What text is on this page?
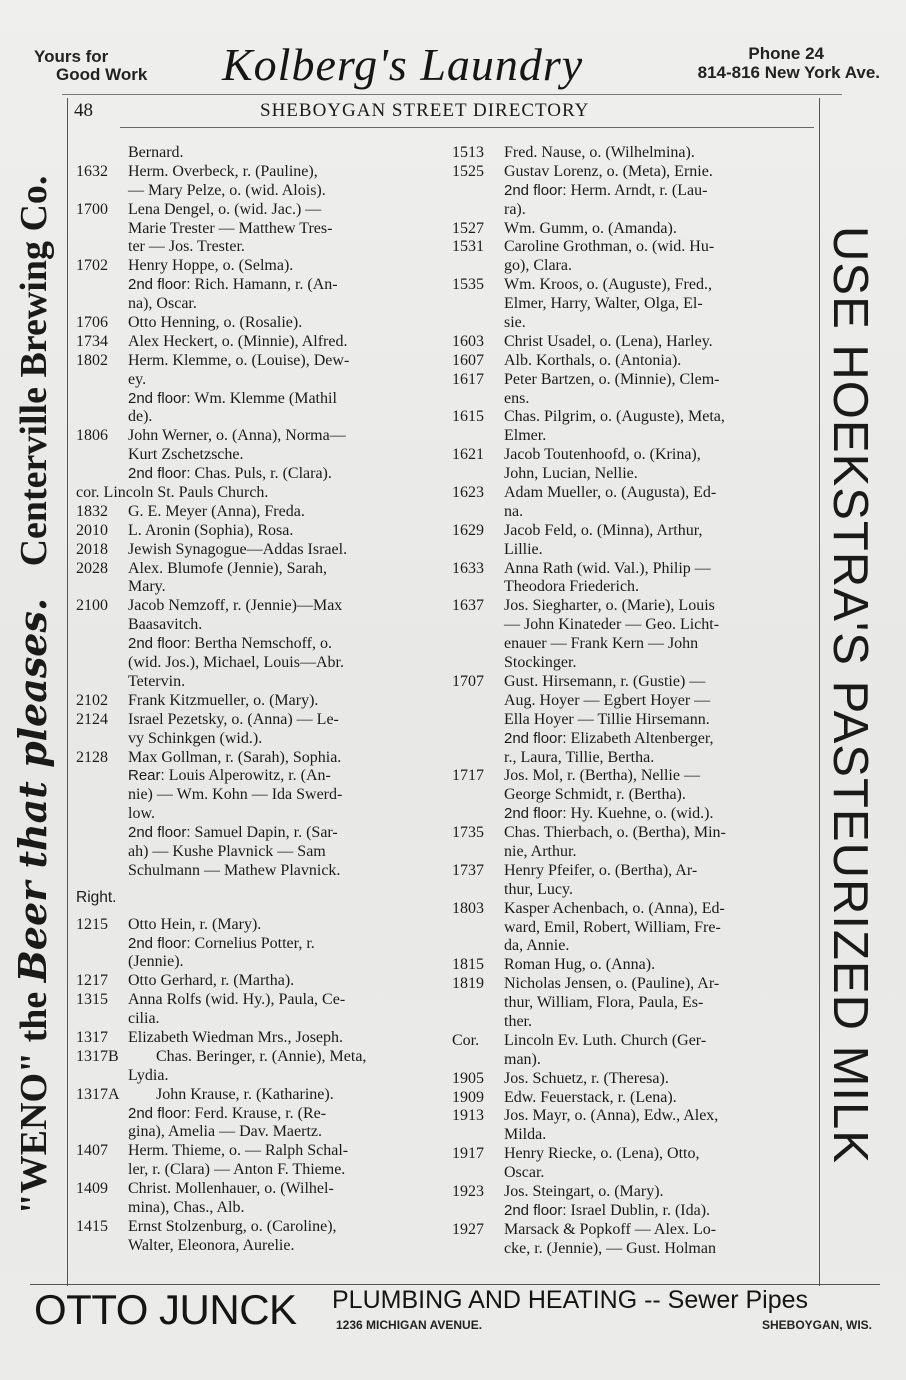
Yours for
Good Work Kolberg's Laundry	Phone 24
814-816 New York Ave.
"WENO" the Beer that pleases. Centerville Brewing Co.	USE HOEKSTRA'S PASTEURIZED MILK
48	SHEBOYGAN STREET DIRECTORY
Bernard.
1632 Herm. Overbeck, r. (Pauline),
— Mary Pelze, o. (wid. Alois).
1700 Lena Dengel, o. (wid. Jac.) —
Marie Trester — Matthew Tres-
ter — Jos. Trester.
1702 Henry Hoppe, o. (Selma).
2nd floor: Rich. Hamann, r. (An-
na), Oscar.
1706 Otto Henning, o. (Rosalie).
1734 Alex Heckert, o. (Minnie), Alfred.
1802 Herm. Klemme, o. (Louise), Dew-
ey.
2nd floor: Wm. Klemme (Mathil
de).
1806 John Werner, o. (Anna), Norma—
Kurt Zschetzsche.
2nd floor: Chas. Puls, r. (Clara).
cor. Lincoln St. Pauls Church.
1832 G. E. Meyer (Anna), Freda.
2010 L. Aronin (Sophia), Rosa.
2018 Jewish Synagogue—Addas Israel.
2028 Alex. Blumofe (Jennie), Sarah,
Mary.
2100 Jacob Nemzoff, r. (Jennie)—Max
Baasavitch.
2nd floor: Bertha Nemschoff, o.
(wid. Jos.), Michael, Louis—Abr.
Tetervin.
2102 Frank Kitzmueller, o. (Mary).
2124 Israel Pezetsky, o. (Anna) — Le-
vy Schinkgen (wid.).
2128 Max Gollman, r. (Sarah), Sophia.
Rear: Louis Alperowitz, r. (An-
nie) — Wm. Kohn — Ida Swerd-
low.
2nd floor: Samuel Dapin, r. (Sar-
ah) — Kushe Plavnick — Sam
Schulmann — Mathew Plavnick.
Right.
1215 Otto Hein, r. (Mary).
2nd floor: Cornelius Potter, r.
(Jennie).
1217 Otto Gerhard, r. (Martha).
1315 Anna Rolfs (wid. Hy.), Paula, Ce-
cilia.
1317 Elizabeth Wiedman Mrs., Joseph.
1317B Chas. Beringer, r. (Annie), Meta,
Lydia.
1317A John Krause, r. (Katharine).
2nd floor: Ferd. Krause, r. (Re-
gina), Amelia — Dav. Maertz.
1407 Herm. Thieme, o. — Ralph Schal-
ler, r. (Clara) — Anton F. Thieme.
1409 Christ. Mollenhauer, o. (Wilhel-
mina), Chas., Alb.
1415 Ernst Stolzenburg, o. (Caroline),
Walter, Eleonora, Aurelie.
1513 Fred. Nause, o. (Wilhelmina).
1525 Gustav Lorenz, o. (Meta), Ernie.
2nd floor: Herm. Arndt, r. (Lau-
ra).
1527 Wm. Gumm, o. (Amanda).
1531 Caroline Grothman, o. (wid. Hu-
go), Clara.
1535 Wm. Kroos, o. (Auguste), Fred.,
Elmer, Harry, Walter, Olga, El-
sie.
1603 Christ Usadel, o. (Lena), Harley.
1607 Alb. Korthals, o. (Antonia).
1617 Peter Bartzen, o. (Minnie), Clem-
ens.
1615 Chas. Pilgrim, o. (Auguste), Meta,
Elmer.
1621 Jacob Toutenhoofd, o. (Krina),
John, Lucian, Nellie.
1623 Adam Mueller, o. (Augusta), Ed-
na.
1629 Jacob Feld, o. (Minna), Arthur,
Lillie.
1633 Anna Rath (wid. Val.), Philip —
Theodora Friederich.
1637 Jos. Siegharter, o. (Marie), Louis
— John Kinateder — Geo. Licht-
enauer — Frank Kern — John
Stockinger.
1707 Gust. Hirsemann, r. (Gustie) —
Aug. Hoyer — Egbert Hoyer —
Ella Hoyer — Tillie Hirsemann.
2nd floor: Elizabeth Altenberger,
r., Laura, Tillie, Bertha.
1717 Jos. Mol, r. (Bertha), Nellie —
George Schmidt, r. (Bertha).
2nd floor: Hy. Kuehne, o. (wid.).
1735 Chas. Thierbach, o. (Bertha), Min-
nie, Arthur.
1737 Henry Pfeifer, o. (Bertha), Ar-
thur, Lucy.
1803 Kasper Achenbach, o. (Anna), Ed-
ward, Emil, Robert, William, Fre-
da, Annie.
1815 Roman Hug, o. (Anna).
1819 Nicholas Jensen, o. (Pauline), Ar-
thur, William, Flora, Paula, Es-
ther.
Cor. Lincoln Ev. Luth. Church (Ger-
man).
1905 Jos. Schuetz, r. (Theresa).
1909 Edw. Feuerstack, r. (Lena).
1913 Jos. Mayr, o. (Anna), Edw., Alex,
Milda.
1917 Henry Riecke, o. (Lena), Otto,
Oscar.
1923 Jos. Steingart, o. (Mary).
2nd floor: Israel Dublin, r. (Ida).
1927 Marsack & Popkoff — Alex. Lo-
cke, r. (Jennie), — Gust. Holman
OTTO JUNCK PLUMBING AND HEATING -- Sewer Pipes
1236 MICHIGAN AVENUE.	SHEBOYGAN, WIS.
